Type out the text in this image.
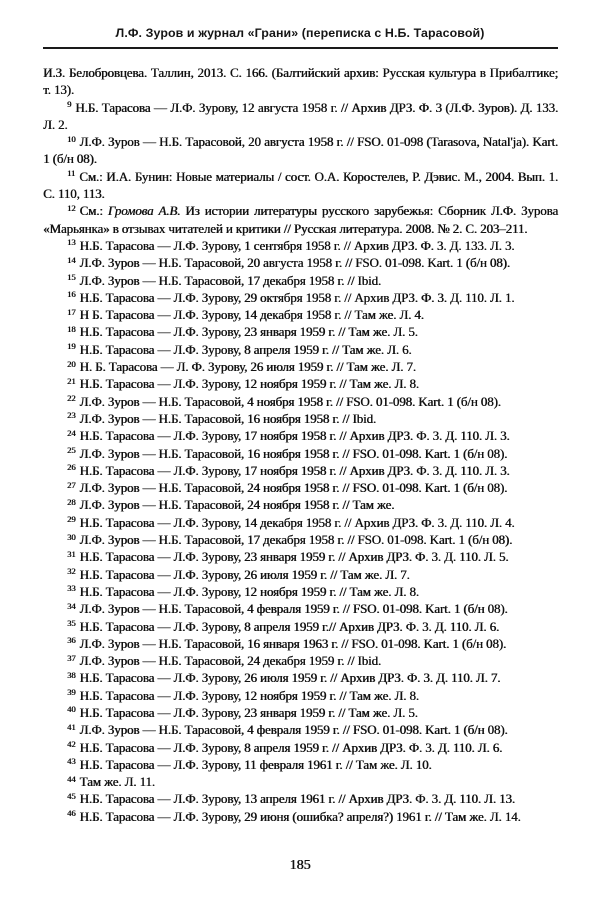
Л.Ф. Зуров и журнал «Грани» (переписка с Н.Б. Тарасовой)

И.З. Белобровцева. Таллин, 2013. С. 166. (Балтийский архив: Русская культура в Прибалтике; т. 13).

$^9$ Н.Б. Тарасова — Л.Ф. Зурову, 12 августа 1958 г. // Архив ДРЗ. Ф. 3 (Л.Ф. Зуров). Д. 133. Л. 2.

$^{10}$ Л.Ф. Зуров — Н.Б. Тарасовой, 20 августа 1958 г. // FSO. 01-098 (Tarasova, Natal'ja). Kart. 1 (б/н 08).

$^{11}$ См.: И.А. Бунин: Новые материалы / сост. О.А. Коростелев, Р. Дэвис. М., 2004. Вып. 1. С. 110, 113.

$^{12}$ См.: Громова А.В. Из истории литературы русского зарубежья: Сборник Л.Ф. Зурова «Марьянка» в отзывах читателей и критики // Русская литература. 2008. № 2. С. 203–211.

$^{13}$ Н.Б. Тарасова — Л.Ф. Зурову, 1 сентября 1958 г. // Архив ДРЗ. Ф. 3. Д. 133. Л. 3.

$^{14}$ Л.Ф. Зуров — Н.Б. Тарасовой, 20 августа 1958 г. // FSO. 01-098. Kart. 1 (б/н 08).

$^{15}$ Л.Ф. Зуров — Н.Б. Тарасовой, 17 декабря 1958 г. // Ibid.

$^{16}$ Н.Б. Тарасова — Л.Ф. Зурову, 29 октября 1958 г. // Архив ДРЗ. Ф. 3. Д. 110. Л. 1.

$^{17}$ Н Б. Тарасова — Л.Ф. Зурову, 14 декабря 1958 г. // Там же. Л. 4.

$^{18}$ Н.Б. Тарасова — Л.Ф. Зурову, 23 января 1959 г. // Там же. Л. 5.

$^{19}$ Н.Б. Тарасова — Л.Ф. Зурову, 8 апреля 1959 г. // Там же. Л. 6.

$^{20}$ Н. Б. Тарасова — Л. Ф. Зурову, 26 июля 1959 г. // Там же. Л. 7.

$^{21}$ Н.Б. Тарасова — Л.Ф. Зурову, 12 ноября 1959 г. // Там же. Л. 8.

$^{22}$ Л.Ф. Зуров — Н.Б. Тарасовой, 4 ноября 1958 г. // FSO. 01-098. Kart. 1 (б/н 08).

$^{23}$ Л.Ф. Зуров — Н.Б. Тарасовой, 16 ноября 1958 г. // Ibid.

$^{24}$ Н.Б. Тарасова — Л.Ф. Зурову, 17 ноября 1958 г. // Архив ДРЗ. Ф. 3. Д. 110. Л. 3.

$^{25}$ Л.Ф. Зуров — Н.Б. Тарасовой, 16 ноября 1958 г. // FSO. 01-098. Kart. 1 (б/н 08).

$^{26}$ Н.Б. Тарасова — Л.Ф. Зурову, 17 ноября 1958 г. // Архив ДРЗ. Ф. 3. Д. 110. Л. 3.

$^{27}$ Л.Ф. Зуров — Н.Б. Тарасовой, 24 ноября 1958 г. // FSO. 01-098. Kart. 1 (б/н 08).

$^{28}$ Л.Ф. Зуров — Н.Б. Тарасовой, 24 ноября 1958 г. // Там же.

$^{29}$ Н.Б. Тарасова — Л.Ф. Зурову, 14 декабря 1958 г. // Архив ДРЗ. Ф. 3. Д. 110. Л. 4.

$^{30}$ Л.Ф. Зуров — Н.Б. Тарасовой, 17 декабря 1958 г. // FSO. 01-098. Kart. 1 (б/н 08).

$^{31}$ Н.Б. Тарасова — Л.Ф. Зурову, 23 января 1959 г. // Архив ДРЗ. Ф. 3. Д. 110. Л. 5.

$^{32}$ Н.Б. Тарасова — Л.Ф. Зурову, 26 июля 1959 г. // Там же. Л. 7.

$^{33}$ Н.Б. Тарасова — Л.Ф. Зурову, 12 ноября 1959 г. // Там же. Л. 8.

$^{34}$ Л.Ф. Зуров — Н.Б. Тарасовой, 4 февраля 1959 г. // FSO. 01-098. Kart. 1 (б/н 08).

$^{35}$ Н.Б. Тарасова — Л.Ф. Зурову, 8 апреля 1959 г.// Архив ДРЗ. Ф. 3. Д. 110. Л. 6.

$^{36}$ Л.Ф. Зуров — Н.Б. Тарасовой, 16 января 1963 г. // FSO. 01-098. Kart. 1 (б/н 08).

$^{37}$ Л.Ф. Зуров — Н.Б. Тарасовой, 24 декабря 1959 г. // Ibid.

$^{38}$ Н.Б. Тарасова — Л.Ф. Зурову, 26 июля 1959 г. // Архив ДРЗ. Ф. 3. Д. 110. Л. 7.

$^{39}$ Н.Б. Тарасова — Л.Ф. Зурову, 12 ноября 1959 г. // Там же. Л. 8.

$^{40}$ Н.Б. Тарасова — Л.Ф. Зурову, 23 января 1959 г. // Там же. Л. 5.

$^{41}$ Л.Ф. Зуров — Н.Б. Тарасовой, 4 февраля 1959 г. // FSO. 01-098. Kart. 1 (б/н 08).

$^{42}$ Н.Б. Тарасова — Л.Ф. Зурову, 8 апреля 1959 г. // Архив ДРЗ. Ф. 3. Д. 110. Л. 6.

$^{43}$ Н.Б. Тарасова — Л.Ф. Зурову, 11 февраля 1961 г. // Там же. Л. 10.

$^{44}$ Там же. Л. 11.

$^{45}$ Н.Б. Тарасова — Л.Ф. Зурову, 13 апреля 1961 г. // Архив ДРЗ. Ф. 3. Д. 110. Л. 13.

$^{46}$ Н.Б. Тарасова — Л.Ф. Зурову, 29 июня (ошибка? апреля?) 1961 г. // Там же. Л. 14.

185
